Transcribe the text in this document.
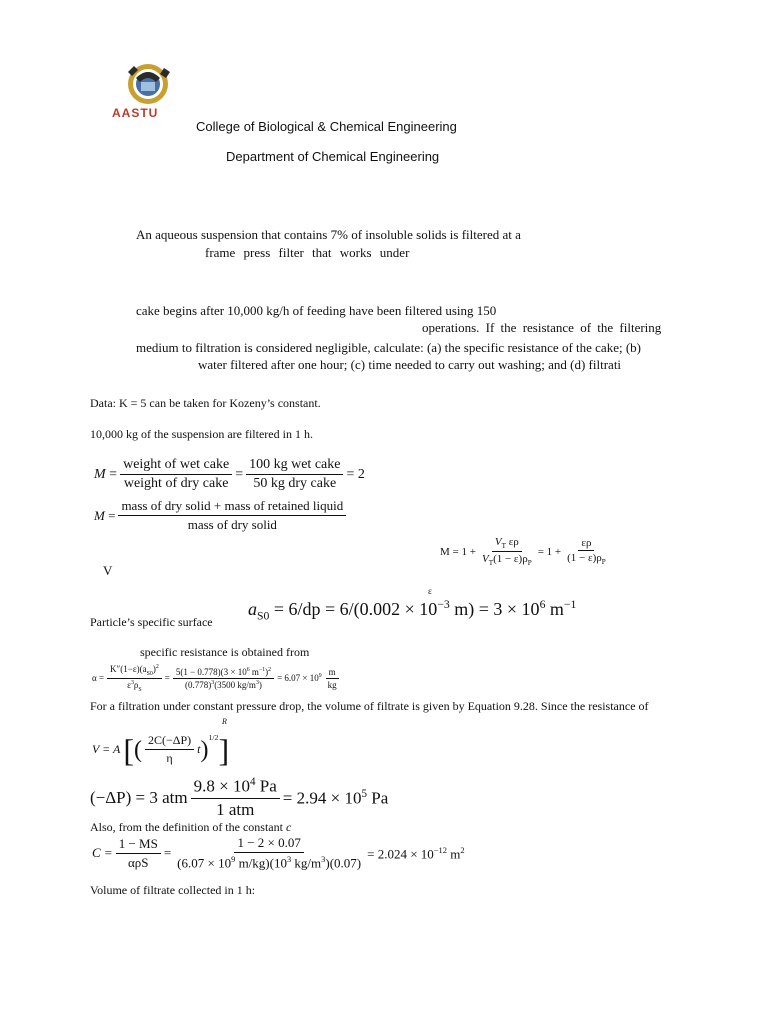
AASTU
College of Biological & Chemical Engineering
Department of Chemical Engineering
An aqueous suspension that contains 7% of insoluble solids is filtered at a
frame press filter that works under
cake begins after 10,000 kg/h of feeding have been filtered using 150
operations. If the resistance of the filtering
medium to filtration is considered negligible, calculate: (a) the specific resistance of the cake; (b)
water filtered after one hour; (c) time needed to carry out washing; and (d) filtrati
Data: K = 5 can be taken for Kozeny’s constant.
10,000 kg of the suspension are filtered in 1 h.
$M = \frac{\text{weight of wet cake}}{\text{weight of dry cake}} = \frac{\text{100 kg wet cake}}{\text{50 kg dry cake}} = 2$
$M = \frac{\text{mass of dry solid + mass of retained liquid}}{\text{mass of dry solid}}$
$M = 1 + \frac{V_T \varepsilon\rho}{V_T(1 - \varepsilon)\rho_P} = 1 + \frac{\varepsilon\rho}{(1 - \varepsilon)\rho_P}$
V
ε
Particle’s specific surface
$a_{S0} = 6/dp = 6/(0.002 \times 10^{-3}$ $m) = 3 \times 10^6$ $m^{-1}$
specific resistance is obtained from
$\alpha = \frac{K''(1-\varepsilon)(a_{S0})^2}{\varepsilon^3\rho_S} = \frac{5(1 - 0.778)(3 \times 10^6 m^{-1})^2}{(0.778)^3(3500 kg/m^3)} = 6.07 \times 10^9 \frac{m}{kg}$
For a filtration under constant pressure drop, the volume of filtrate is given by Equation 9.28. Since the resistance of
R
V = A [ ( $\frac{2C(-\Delta P)}{\eta}$ t )$^{1/2}$ ]
(−ΔP) = 3 atm $\frac{9.8 \times 10^4 Pa}{\text{1 atm}} = 2.94 \times 10^5$ Pa
Also, from the definition of the constant c
$C = \frac{1 - MS}{\text{αρS}} = \frac{1 - 2 \times 0.07}{(6.07 \times 10^9 m/kg)(10^3 kg/m^3)(0.07)} = 2.024 \times 10^{-12}$ $m^2$
Volume of filtrate collected in 1 h:
